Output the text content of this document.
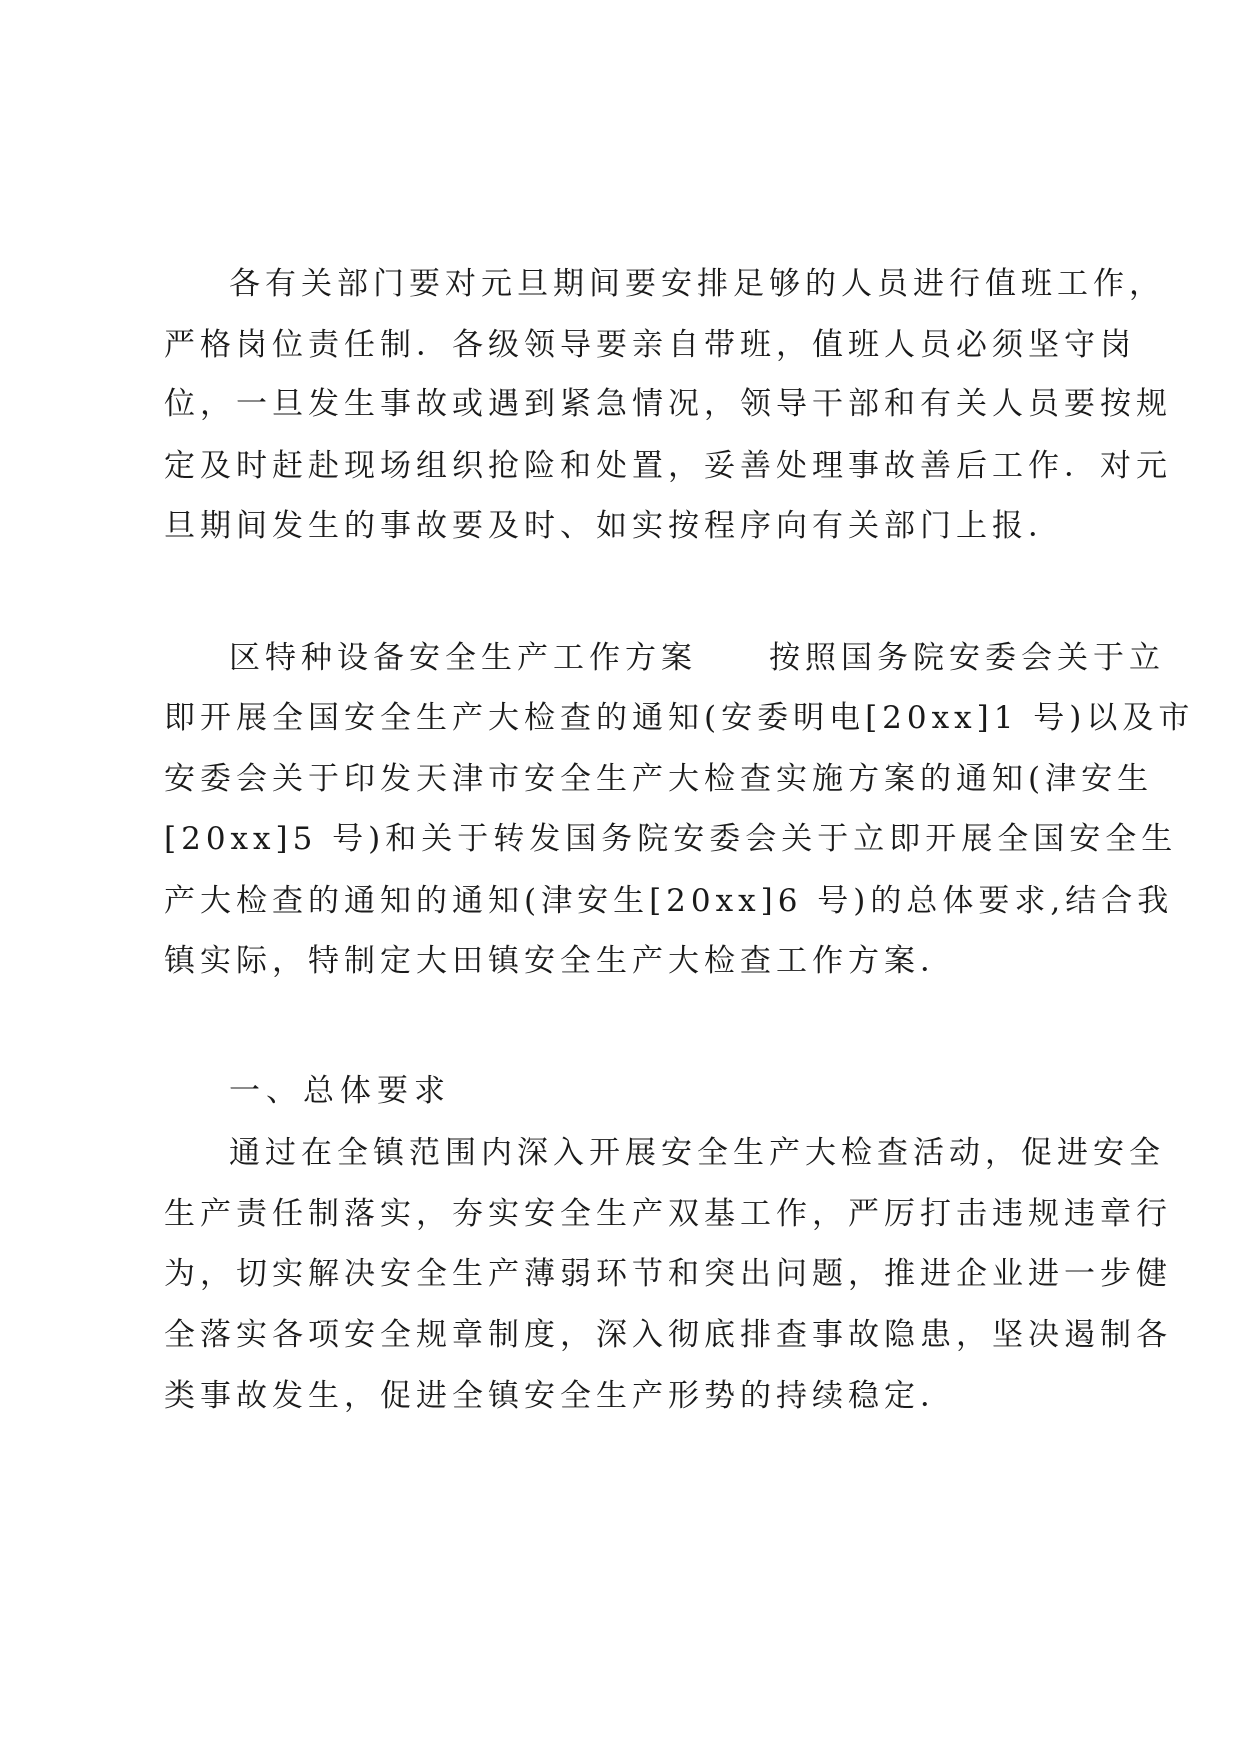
各有关部门要对元旦期间要安排足够的人员进行值班工作，

严格岗位责任制．各级领导要亲自带班，值班人员必须坚守岗

位，一旦发生事故或遇到紧急情况，领导干部和有关人员要按规

定及时赶赴现场组织抢险和处置，妥善处理事故善后工作．对元

旦期间发生的事故要及时、如实按程序向有关部门上报．

区特种设备安全生产工作方案　　按照国务院安委会关于立

即开展全国安全生产大检查的通知(安委明电[20xx]1 号)以及市

安委会关于印发天津市安全生产大检查实施方案的通知(津安生

[20xx]5 号)和关于转发国务院安委会关于立即开展全国安全生

产大检查的通知的通知(津安生[20xx]6 号)的总体要求,结合我

镇实际，特制定大田镇安全生产大检查工作方案．

一、总体要求

通过在全镇范围内深入开展安全生产大检查活动，促进安全

生产责任制落实，夯实安全生产双基工作，严厉打击违规违章行

为，切实解决安全生产薄弱环节和突出问题，推进企业进一步健

全落实各项安全规章制度，深入彻底排查事故隐患，坚决遏制各

类事故发生，促进全镇安全生产形势的持续稳定．
